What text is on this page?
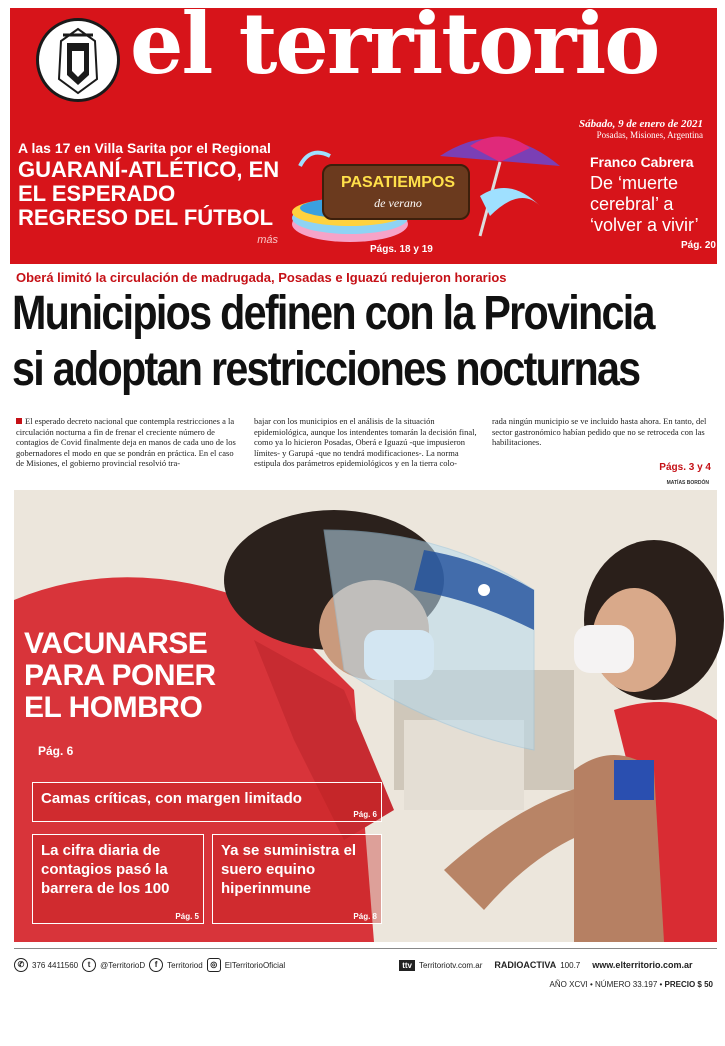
el territorio
Sábado, 9 de enero de 2021
Posadas, Misiones, Argentina
A las 17 en Villa Sarita por el Regional
GUARANÍ-ATLÉTICO, EN EL ESPERADO REGRESO DEL FÚTBOL
más
PASATIEMPOS
de verano
Págs. 18 y 19
Franco Cabrera
De ‘muerte cerebral’ a ‘volver a vivir’
Pág. 20
Oberá limitó la circulación de madrugada, Posadas e Iguazú redujeron horarios
Municipios definen con la Provincia
si adoptan restricciones nocturnas
El esperado decreto nacional que contempla restricciones a la circulación nocturna a fin de frenar el creciente número de contagios de Covid finalmente deja en manos de cada uno de los gobernadores el modo en que se pondrán en práctica. En el caso de Misiones, el gobierno provincial resolvió tra-
bajar con los municipios en el análisis de la situación epidemiológica, aunque los intendentes tomarán la decisión final, como ya lo hicieron Posadas, Oberá e Iguazú -que impusieron límites- y Garupá -que no tendrá modificaciones-. La norma estipula dos parámetros epidemiológicos y en la tierra colo-
rada ningún municipio se ve incluido hasta ahora. En tanto, del sector gastronómico habían pedido que no se retroceda con las habilitaciones.
Págs. 3 y 4
MATÍAS BORDÓN
En varios puntos de la provincia, como Eldorado, se comenzó ayer a aplicar la Sputnik V a trabajadores de la salud con las dosis que arribaron el jueves.
VACUNARSE
PARA PONER
EL HOMBRO
Pág. 6
Camas críticas, con margen limitado
Pág. 6
La cifra diaria de contagios pasó la barrera de los 100
Pág. 5
Ya se suministra el suero equino hiperinmune
Pág. 8
✆ 376 4411560	t	@TerritorioD	f	Territoriod ◎ ElTerritorioOficial	ttv Territoriotv.com.ar RADIOACTIVA 100.7 www.elterritorio.com.ar
AÑO XCVI • NÚMERO 33.197 • PRECIO $ 50
